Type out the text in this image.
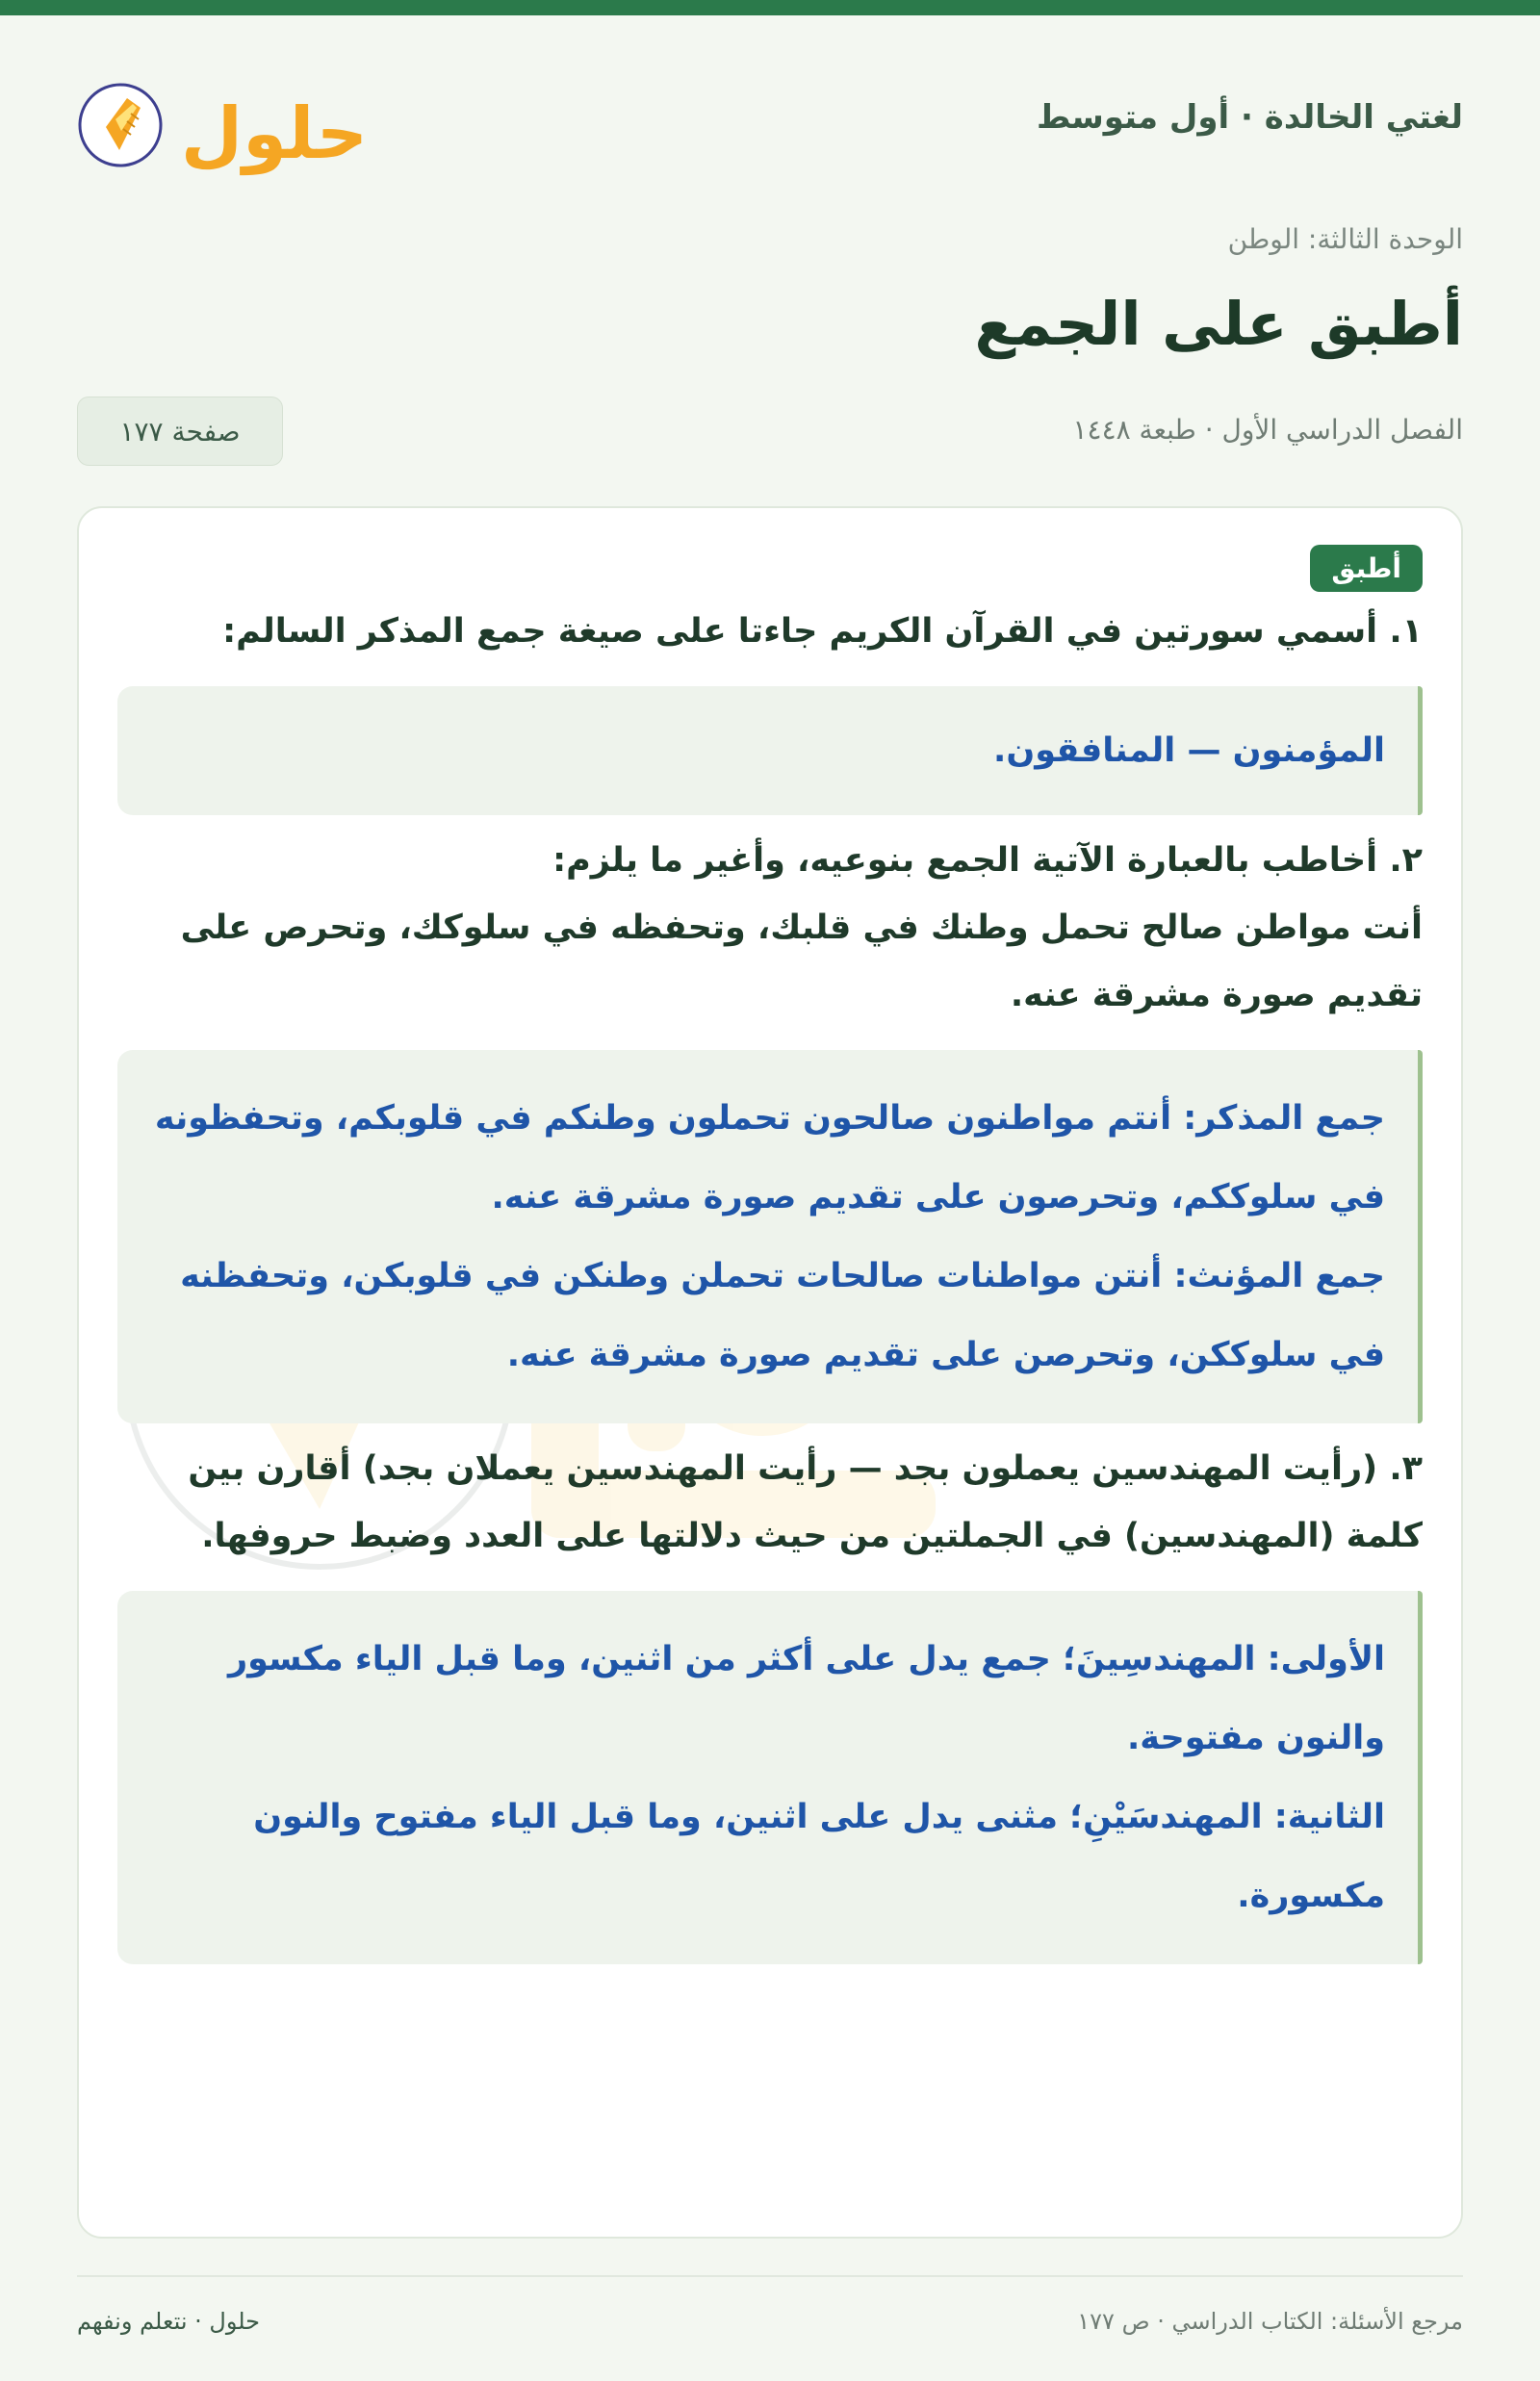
لغتي الخالدة · أول متوسط
حلول
الوحدة الثالثة: الوطن
أطبق على الجمع
الفصل الدراسي الأول · طبعة ١٤٤٨
صفحة ١٧٧
أطبق
١. أسمي سورتين في القرآن الكريم جاءتا على صيغة جمع المذكر السالم:
المؤمنون — المنافقون.
٢. أخاطب بالعبارة الآتية الجمع بنوعيه، وأغير ما يلزم:
أنت مواطن صالح تحمل وطنك في قلبك، وتحفظه في سلوكك، وتحرص على تقديم صورة مشرقة عنه.
جمع المذكر: أنتم مواطنون صالحون تحملون وطنكم في قلوبكم، وتحفظونه في سلوككم، وتحرصون على تقديم صورة مشرقة عنه.
جمع المؤنث: أنتن مواطنات صالحات تحملن وطنكن في قلوبكن، وتحفظنه في سلوككن، وتحرصن على تقديم صورة مشرقة عنه.
٣. (رأيت المهندسين يعملون بجد — رأيت المهندسين يعملان بجد) أقارن بين كلمة (المهندسين) في الجملتين من حيث دلالتها على العدد وضبط حروفها.
الأولى: المهندسِينَ؛ جمع يدل على أكثر من اثنين، وما قبل الياء مكسور والنون مفتوحة.
الثانية: المهندسَيْنِ؛ مثنى يدل على اثنين، وما قبل الياء مفتوح والنون مكسورة.
مرجع الأسئلة: الكتاب الدراسي · ص ١٧٧
حلول · نتعلم ونفهم
